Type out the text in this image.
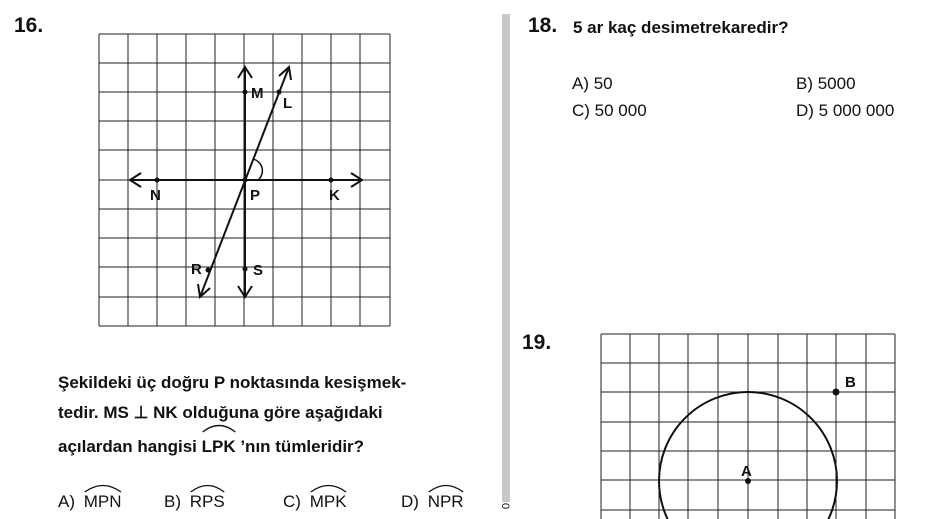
16.
M
L
N	P	K
R	S
Şekildeki üç doğru P noktasında kesişmek-
tedir. MS ⊥ NK olduğuna göre aşağıdaki
açılardan hangisi
LPK ’nın tümleridir?
A) MPN B) RPS	C) MPK	D) NPR	0
18. 5 ar kaç desimetrekaredir?
A) 50	B) 5000
C) 50 000	D) 5 000 000
19.
A
B
